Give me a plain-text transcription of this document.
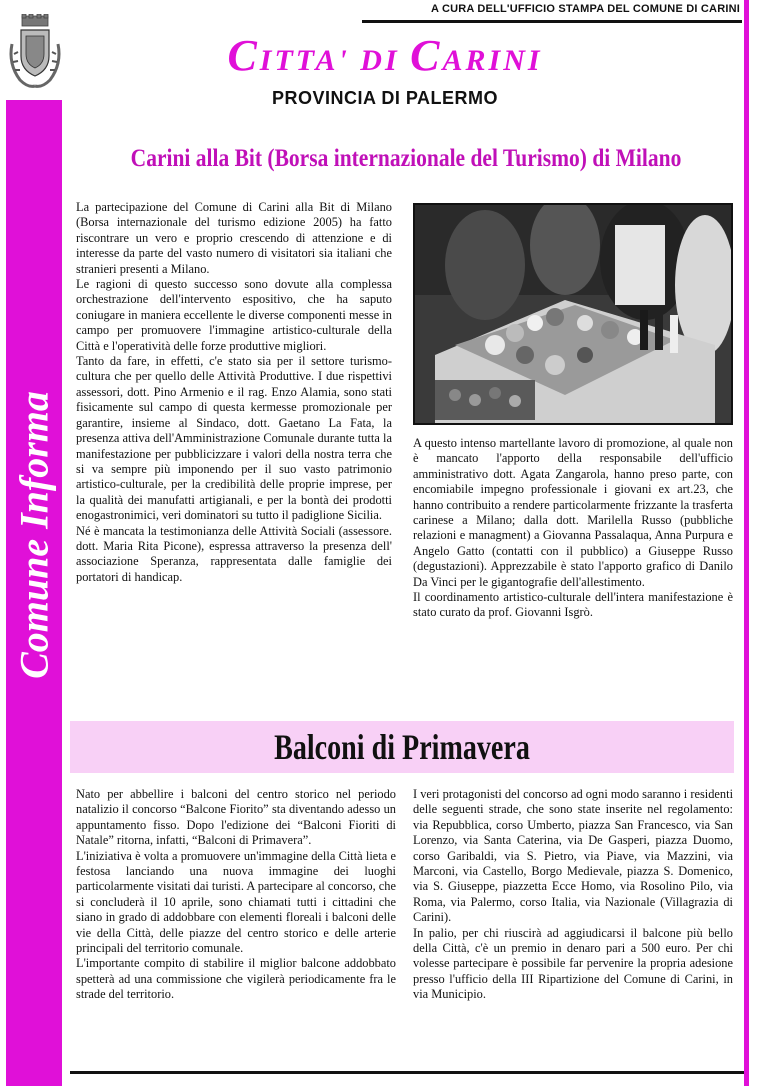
A CURA DELL'UFFICIO STAMPA DEL COMUNE DI CARINI
CITTA' DI CARINI
PROVINCIA DI PALERMO
Comune Informa
Carini alla Bit (Borsa internazionale del Turismo) di Milano

La partecipazione del Comune di Carini alla Bit di Milano (Borsa internazionale del turismo edizione 2005) ha fatto riscontrare un vero e proprio crescendo di attenzione e di interesse da parte del vasto numero di visitatori sia italiani che stranieri presenti a Milano.

Le ragioni di questo successo sono dovute alla complessa orchestrazione dell'intervento espositivo, che ha saputo coniugare in maniera eccellente le diverse componenti messe in campo per promuovere l'immagine artistico-culturale della Città e l'operatività delle forze produttive migliori.

Tanto da fare, in effetti, c'e stato sia per il settore turismo-cultura che per quello delle Attività Produttive. I due rispettivi assessori, dott. Pino Armenio e il rag. Enzo Alamia, sono stati fisicamente sul campo di questa kermesse promozionale per garantire, insieme al Sindaco, dott. Gaetano La Fata, la presenza attiva dell'Amministrazione Comunale durante tutta la manifestazione per pubblicizzare i valori della nostra terra che si va sempre più imponendo per il suo vasto patrimonio artistico-culturale, per la credibilità delle proprie imprese, per la qualità dei manufatti artigianali, e per la bontà dei prodotti enogastronimici, veri dominatori su tutto il padiglione Sicilia.

Né è mancata la testimonianza delle Attività Sociali (assessore. dott. Maria Rita Picone), espressa attraverso la presenza dell' associazione Speranza, rappresentata dalle famiglie dei portatori di handicap.

A questo intenso martellante lavoro di promozione, al quale non è mancato l'apporto della responsabile dell'ufficio amministrativo dott. Agata Zangarola, hanno preso parte, con encomiabile impegno professionale i giovani ex art.23, che hanno contribuito a rendere particolarmente frizzante la trasferta carinese a Milano; dalla dott. Marilella Russo (pubbliche relazioni e managment) a Giovanna Passalaqua, Anna Purpura e Angelo Gatto (contatti con il pubblico) a Giuseppe Russo (degustazioni). Apprezzabile è stato l'apporto grafico di Danilo Da Vinci per le gigantografie dell'allestimento.

Il coordinamento artistico-culturale dell'intera manifestazione è stato curato da prof. Giovanni Isgrò.

Balconi di Primavera

Nato per abbellire i balconi del centro storico nel periodo natalizio il concorso “Balcone Fiorito” sta diventando adesso un appuntamento fisso. Dopo l'edizione dei “Balconi Fioriti di Natale” ritorna, infatti, “Balconi di Primavera”.

L'iniziativa è volta a promuovere un'immagine della Città lieta e festosa lanciando una nuova immagine dei luoghi particolarmente visitati dai turisti. A partecipare al concorso, che si concluderà il 10 aprile, sono chiamati tutti i cittadini che siano in grado di addobbare con elementi floreali i balconi delle vie della Città, delle piazze del centro storico e delle arterie principali del territorio comunale.

L'importante compito di stabilire il miglior balcone addobbato spetterà ad una commissione che vigilerà periodicamente fra le strade del territorio.

I veri protagonisti del concorso ad ogni modo saranno i residenti delle seguenti strade, che sono state inserite nel regolamento: via Repubblica, corso Umberto, piazza San Francesco, via San Lorenzo, via Santa Caterina, via De Gasperi, piazza Duomo, corso Garibaldi, via S. Pietro, via Piave, via Mazzini, via Marconi, via Castello, Borgo Medievale, piazza S. Domenico, via S. Giuseppe, piazzetta Ecce Homo, via Rosolino Pilo, via Roma, via Palermo, corso Italia, via Nazionale (Villagrazia di Carini).

In palio, per chi riuscirà ad aggiudicarsi il balcone più bello della Città, c'è un premio in denaro pari a 500 euro. Per chi volesse partecipare è possibile far pervenire la propria adesione presso l'ufficio della III Ripartizione del Comune di Carini, in via Municipio.
